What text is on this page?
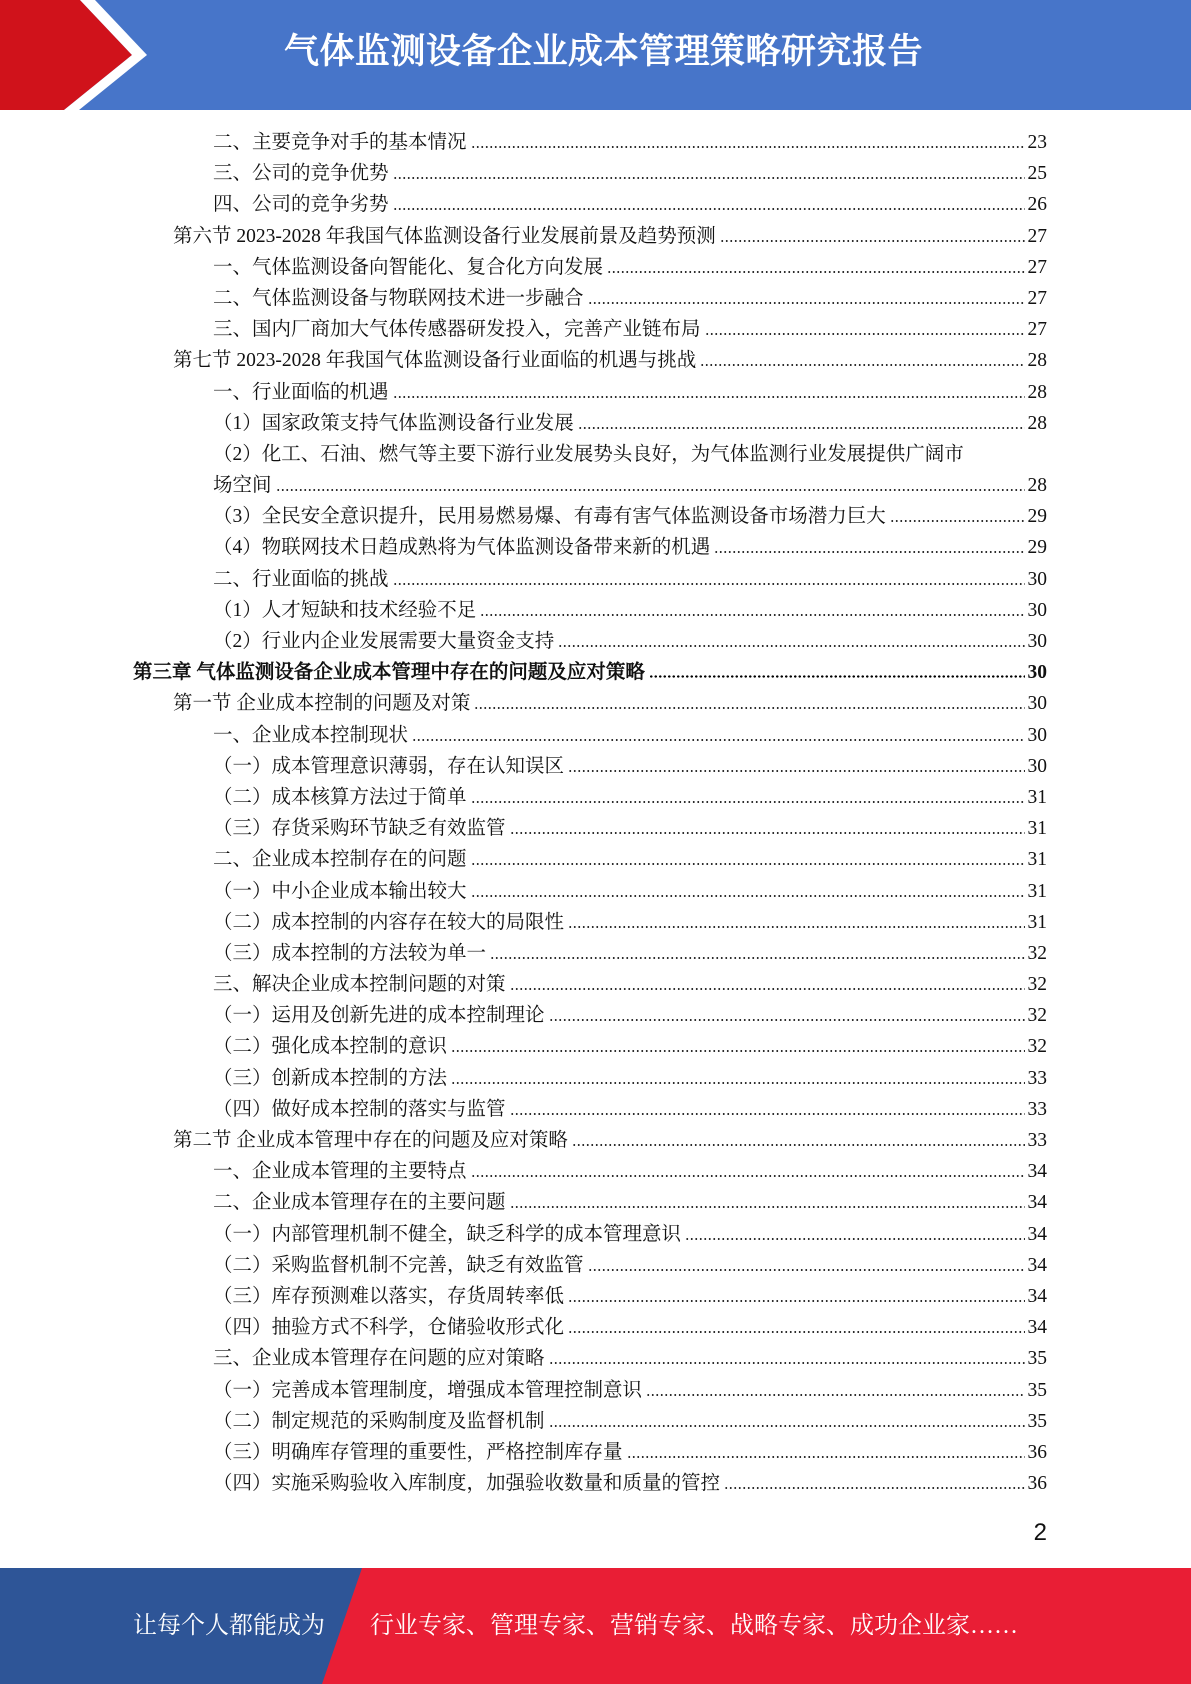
气体监测设备企业成本管理策略研究报告
二、主要竞争对手的基本情况	23
三、公司的竞争优势	25
四、公司的竞争劣势	26
第六节 2023-2028 年我国气体监测设备行业发展前景及趋势预测	27
一、气体监测设备向智能化、复合化方向发展	27
二、气体监测设备与物联网技术进一步融合	27
三、国内厂商加大气体传感器研发投入，完善产业链布局	27
第七节 2023-2028 年我国气体监测设备行业面临的机遇与挑战	28
一、行业面临的机遇	28
（1）国家政策支持气体监测设备行业发展	28
（2）化工、石油、燃气等主要下游行业发展势头良好，为气体监测行业发展提供广阔市
场空间	28
（3）全民安全意识提升，民用易燃易爆、有毒有害气体监测设备市场潜力巨大	29
（4）物联网技术日趋成熟将为气体监测设备带来新的机遇	29
二、行业面临的挑战	30
（1）人才短缺和技术经验不足	30
（2）行业内企业发展需要大量资金支持	30
第三章 气体监测设备企业成本管理中存在的问题及应对策略	30
第一节 企业成本控制的问题及对策	30
一、企业成本控制现状	30
（一）成本管理意识薄弱，存在认知误区	30
（二）成本核算方法过于简单	31
（三）存货采购环节缺乏有效监管	31
二、企业成本控制存在的问题	31
（一）中小企业成本输出较大	31
（二）成本控制的内容存在较大的局限性	31
（三）成本控制的方法较为单一	32
三、解决企业成本控制问题的对策	32
（一）运用及创新先进的成本控制理论	32
（二）强化成本控制的意识	32
（三）创新成本控制的方法	33
（四）做好成本控制的落实与监管	33
第二节 企业成本管理中存在的问题及应对策略	33
一、企业成本管理的主要特点	34
二、企业成本管理存在的主要问题	34
（一）内部管理机制不健全，缺乏科学的成本管理意识	34
（二）采购监督机制不完善，缺乏有效监管	34
（三）库存预测难以落实，存货周转率低	34
（四）抽验方式不科学，仓储验收形式化	34
三、企业成本管理存在问题的应对策略	35
（一）完善成本管理制度，增强成本管理控制意识	35
（二）制定规范的采购制度及监督机制	35
（三）明确库存管理的重要性，严格控制库存量	36
（四）实施采购验收入库制度，加强验收数量和质量的管控	36
2
让每个人都能成为 行业专家、管理专家、营销专家、战略专家、成功企业家……
